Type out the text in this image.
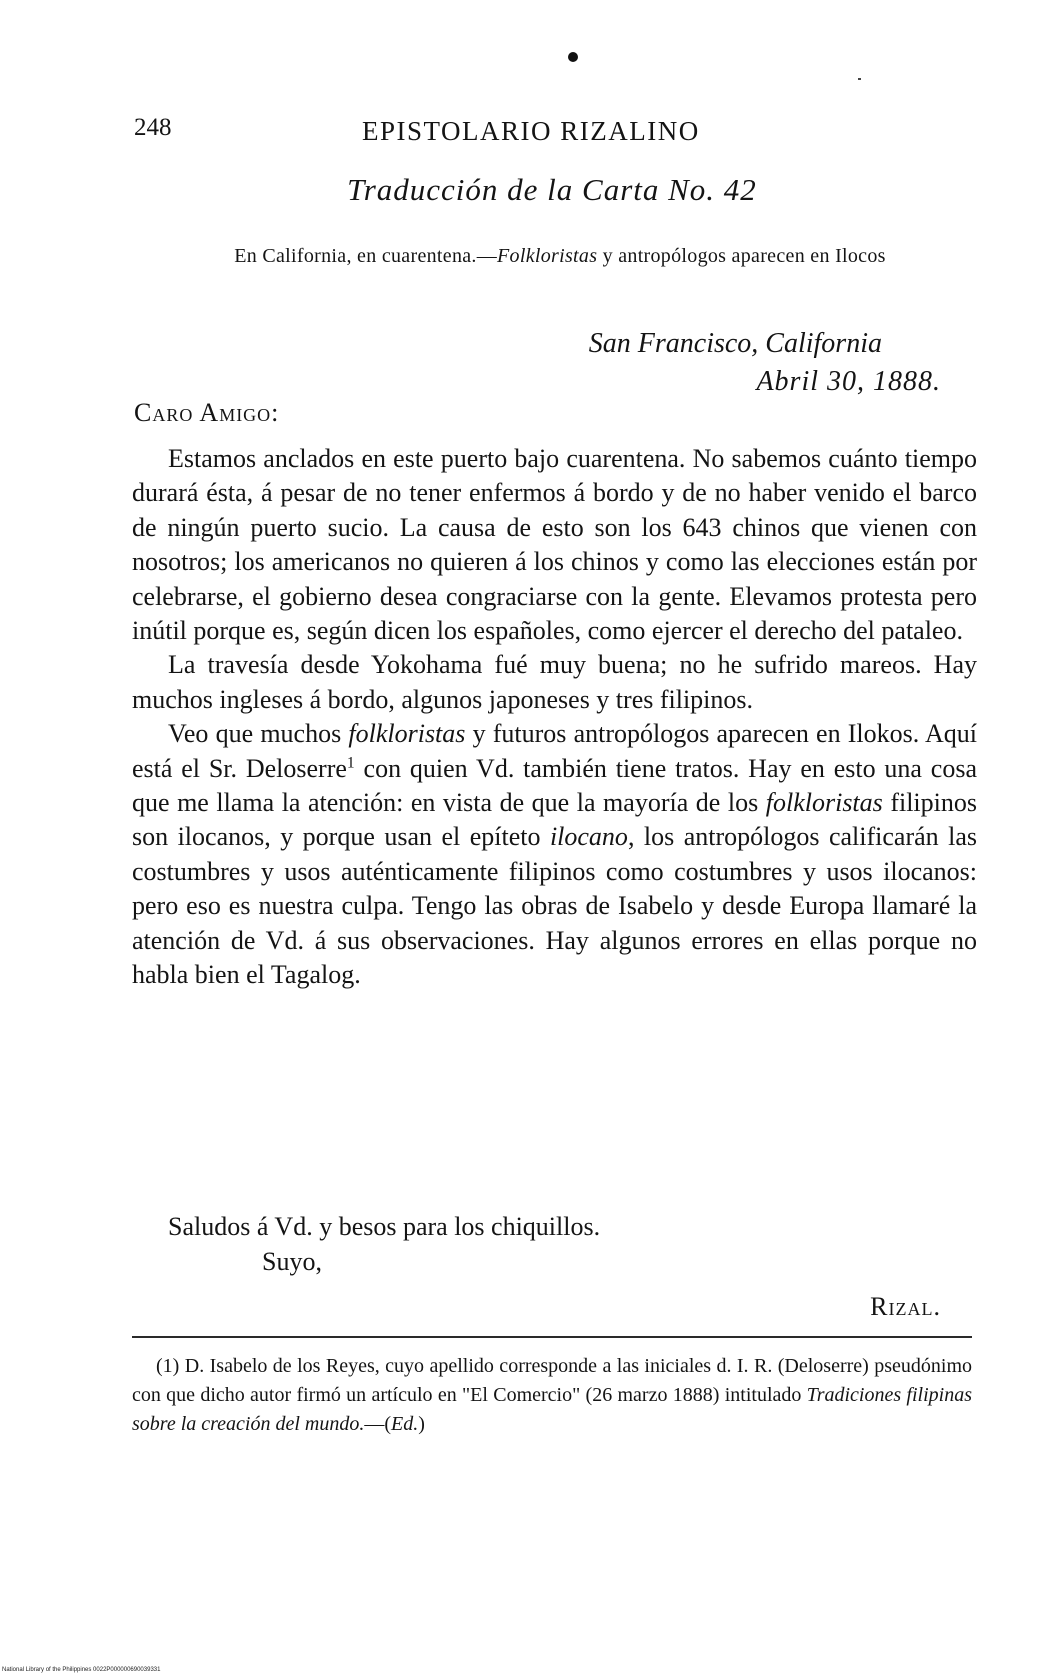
248	EPISTOLARIO RIZALINO
Traducción de la Carta No. 42
En California, en cuarentena.—Folkloristas y antropólogos aparecen en Ilocos
San Francisco, California
Abril 30, 1888.
Caro Amigo:

Estamos anclados en este puerto bajo cuarentena. No sabemos cuánto tiempo durará ésta, á pesar de no tener enfermos á bordo y de no haber venido el barco de ningún puerto sucio. La causa de esto son los 643 chinos que vienen con nosotros; los americanos no quieren á los chinos y como las elecciones están por celebrarse, el gobierno desea congraciarse con la gente. Elevamos protesta pero inútil porque es, según dicen los españoles, como ejercer el derecho del pataleo.

La travesía desde Yokohama fué muy buena; no he sufrido mareos. Hay muchos ingleses á bordo, algunos japoneses y tres filipinos.

Veo que muchos folkloristas y futuros antropólogos aparecen en Ilokos. Aquí está el Sr. Deloserre$^1$ con quien Vd. también tiene tratos. Hay en esto una cosa que me llama la atención: en vista de que la mayoría de los folkloristas filipinos son ilocanos, y porque usan el epíteto ilocano, los antropólogos calificarán las costumbres y usos auténticamente filipinos como costumbres y usos ilocanos: pero eso es nuestra culpa. Tengo las obras de Isabelo y desde Europa llamaré la atención de Vd. á sus observaciones. Hay algunos errores en ellas porque no habla bien el Tagalog.

Saludos á Vd. y besos para los chiquillos.
Suyo,
Rizal.

(1) D. Isabelo de los Reyes, cuyo apellido corresponde a las iniciales d. I. R. (Deloserre) pseudónimo con que dicho autor firmó un artículo en "El Comercio" (26 marzo 1888) intitulado Tradiciones filipinas sobre la creación del mundo.—(Ed.)

National Library of the Philippines 0022P000000690039331
